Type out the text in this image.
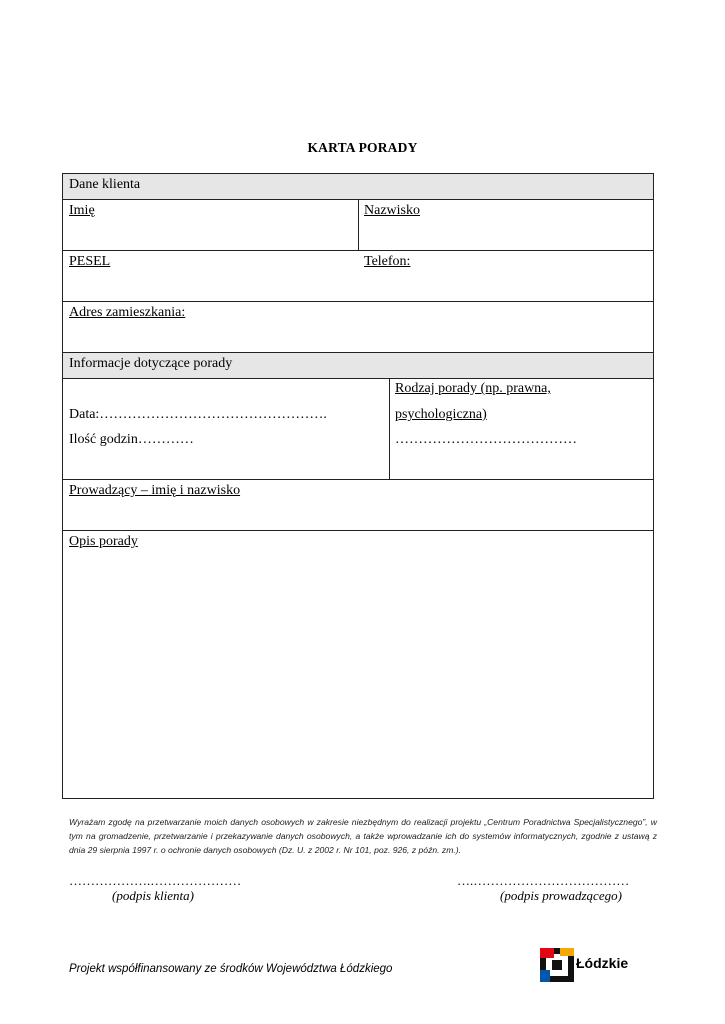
KARTA PORADY
Dane klienta
Imię	Nazwisko
PESEL	Telefon:
Adres zamieszkania:
Informacje dotyczące porady
Data:………………………………………….
Ilość godzin…………
Rodzaj porady (np. prawna,
psychologiczna)
…………………………………
Prowadzący – imię i nazwisko
Opis porady
Wyrażam zgodę na przetwarzanie moich danych osobowych w zakresie niezbędnym do realizacji projektu „Centrum Poradnictwa Specjalistycznego”, w tym na gromadzenie, przetwarzanie i przekazywanie danych osobowych, a także wprowadzanie ich do systemów informatycznych, zgodnie z ustawą z dnia 29 sierpnia 1997 r. o ochronie danych osobowych (Dz. U. z 2002 r. Nr 101, poz. 926, z późn. zm.).
……………….…………………
(podpis klienta)
….………………………………
(podpis prowadzącego)
Projekt współfinansowany ze środków Województwa Łódzkiego	Łódzkie
